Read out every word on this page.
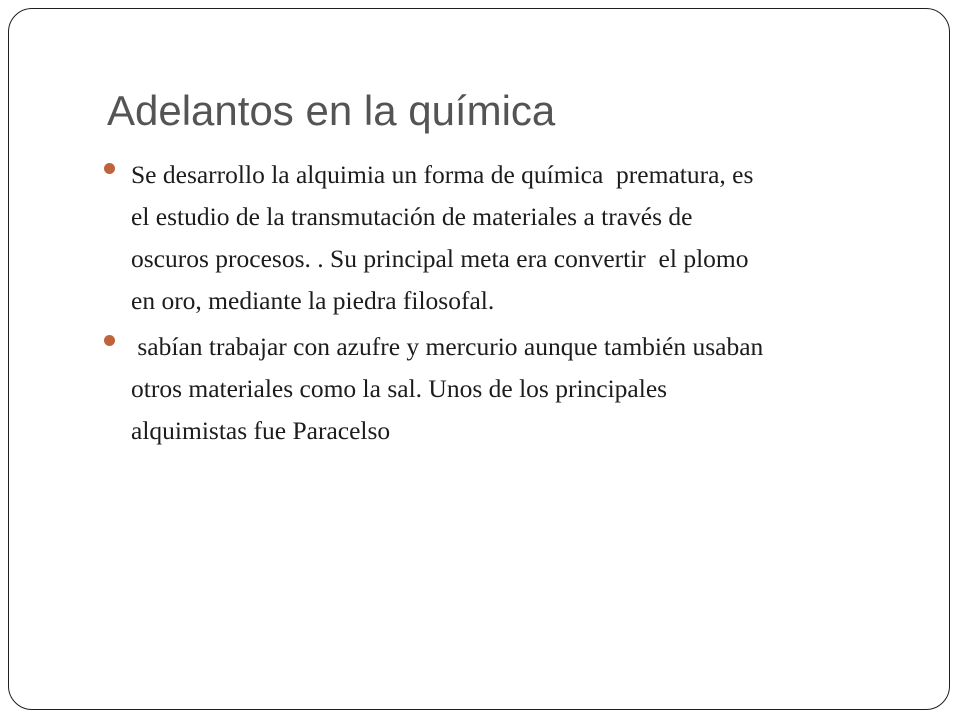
Adelantos en la química
Se desarrollo la alquimia un forma de química  prematura, es
el estudio de la transmutación de materiales a través de
oscuros procesos. . Su principal meta era convertir  el plomo
en oro, mediante la piedra filosofal.
sabían trabajar con azufre y mercurio aunque también usaban
otros materiales como la sal. Unos de los principales
alquimistas fue Paracelso
